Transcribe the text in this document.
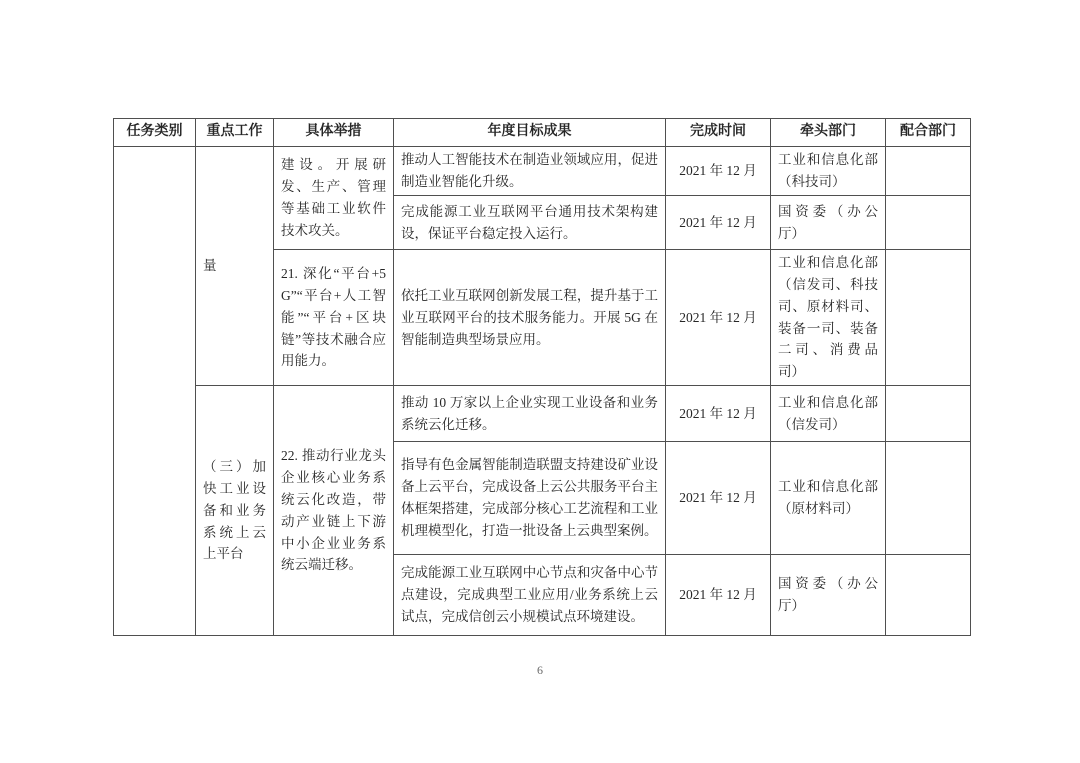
任务类别	重点工作	具体举措	年度目标成果	完成时间	牵头部门	配合部门
	量	建设。开展研发、生产、管理等基础工业软件技术攻关。	推动人工智能技术在制造业领域应用，促进制造业智能化升级。	2021 年 12 月	工业和信息化部（科技司）	
			完成能源工业互联网平台通用技术架构建设，保证平台稳定投入运行。	2021 年 12 月	国资委（办公厅）	
		21. 深化“平台+5G”“平台+人工智能”“平台+区块链”等技术融合应用能力。	依托工业互联网创新发展工程，提升基于工业互联网平台的技术服务能力。开展 5G 在智能制造典型场景应用。	2021 年 12 月	工业和信息化部（信发司、科技司、原材料司、装备一司、装备二司、消费品司）	
	（三）加快工业设备和业务系统上云上平台	22. 推动行业龙头企业核心业务系统云化改造，带动产业链上下游中小企业业务系统云端迁移。	推动 10 万家以上企业实现工业设备和业务系统云化迁移。	2021 年 12 月	工业和信息化部（信发司）	
			指导有色金属智能制造联盟支持建设矿业设备上云平台，完成设备上云公共服务平台主体框架搭建，完成部分核心工艺流程和工业机理模型化，打造一批设备上云典型案例。	2021 年 12 月	工业和信息化部（原材料司）	
			完成能源工业互联网中心节点和灾备中心节点建设，完成典型工业应用/业务系统上云试点，完成信创云小规模试点环境建设。	2021 年 12 月	国资委（办公厅）	
6
